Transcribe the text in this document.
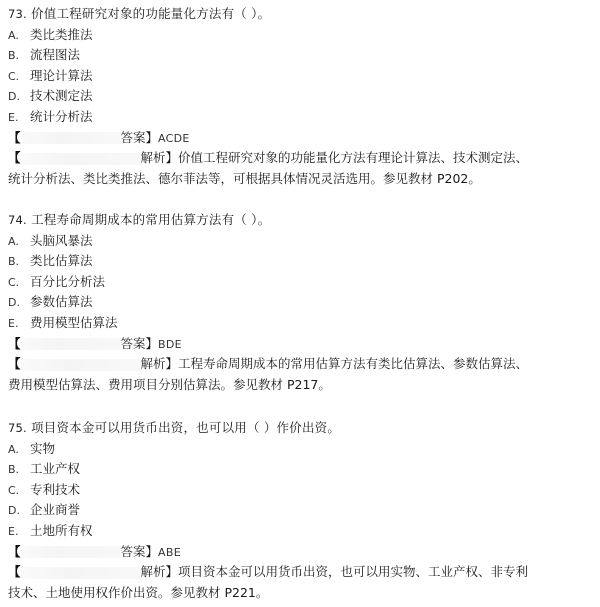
73. 价值工程研究对象的功能量化方法有（ ）。
A. 类比类推法
B. 流程图法
C. 理论计算法
D. 技术测定法
E. 统计分析法
【	答案】ACDE
【	解析】价值工程研究对象的功能量化方法有理论计算法、技术测定法、
统计分析法、类比类推法、德尔菲法等，可根据具体情况灵活选用。参见教材 P202。
74. 工程寿命周期成本的常用估算方法有（ ）。
A. 头脑风暴法
B. 类比估算法
C. 百分比分析法
D. 参数估算法
E. 费用模型估算法
【	答案】BDE
【	解析】工程寿命周期成本的常用估算方法有类比估算法、参数估算法、
费用模型估算法、费用项目分别估算法。参见教材 P217。
75. 项目资本金可以用货币出资，也可以用（ ）作价出资。
A. 实物
B. 工业产权
C. 专利技术
D. 企业商誉
E. 土地所有权
【	答案】ABE
【	解析】项目资本金可以用货币出资，也可以用实物、工业产权、非专利
技术、土地使用权作价出资。参见教材 P221。
